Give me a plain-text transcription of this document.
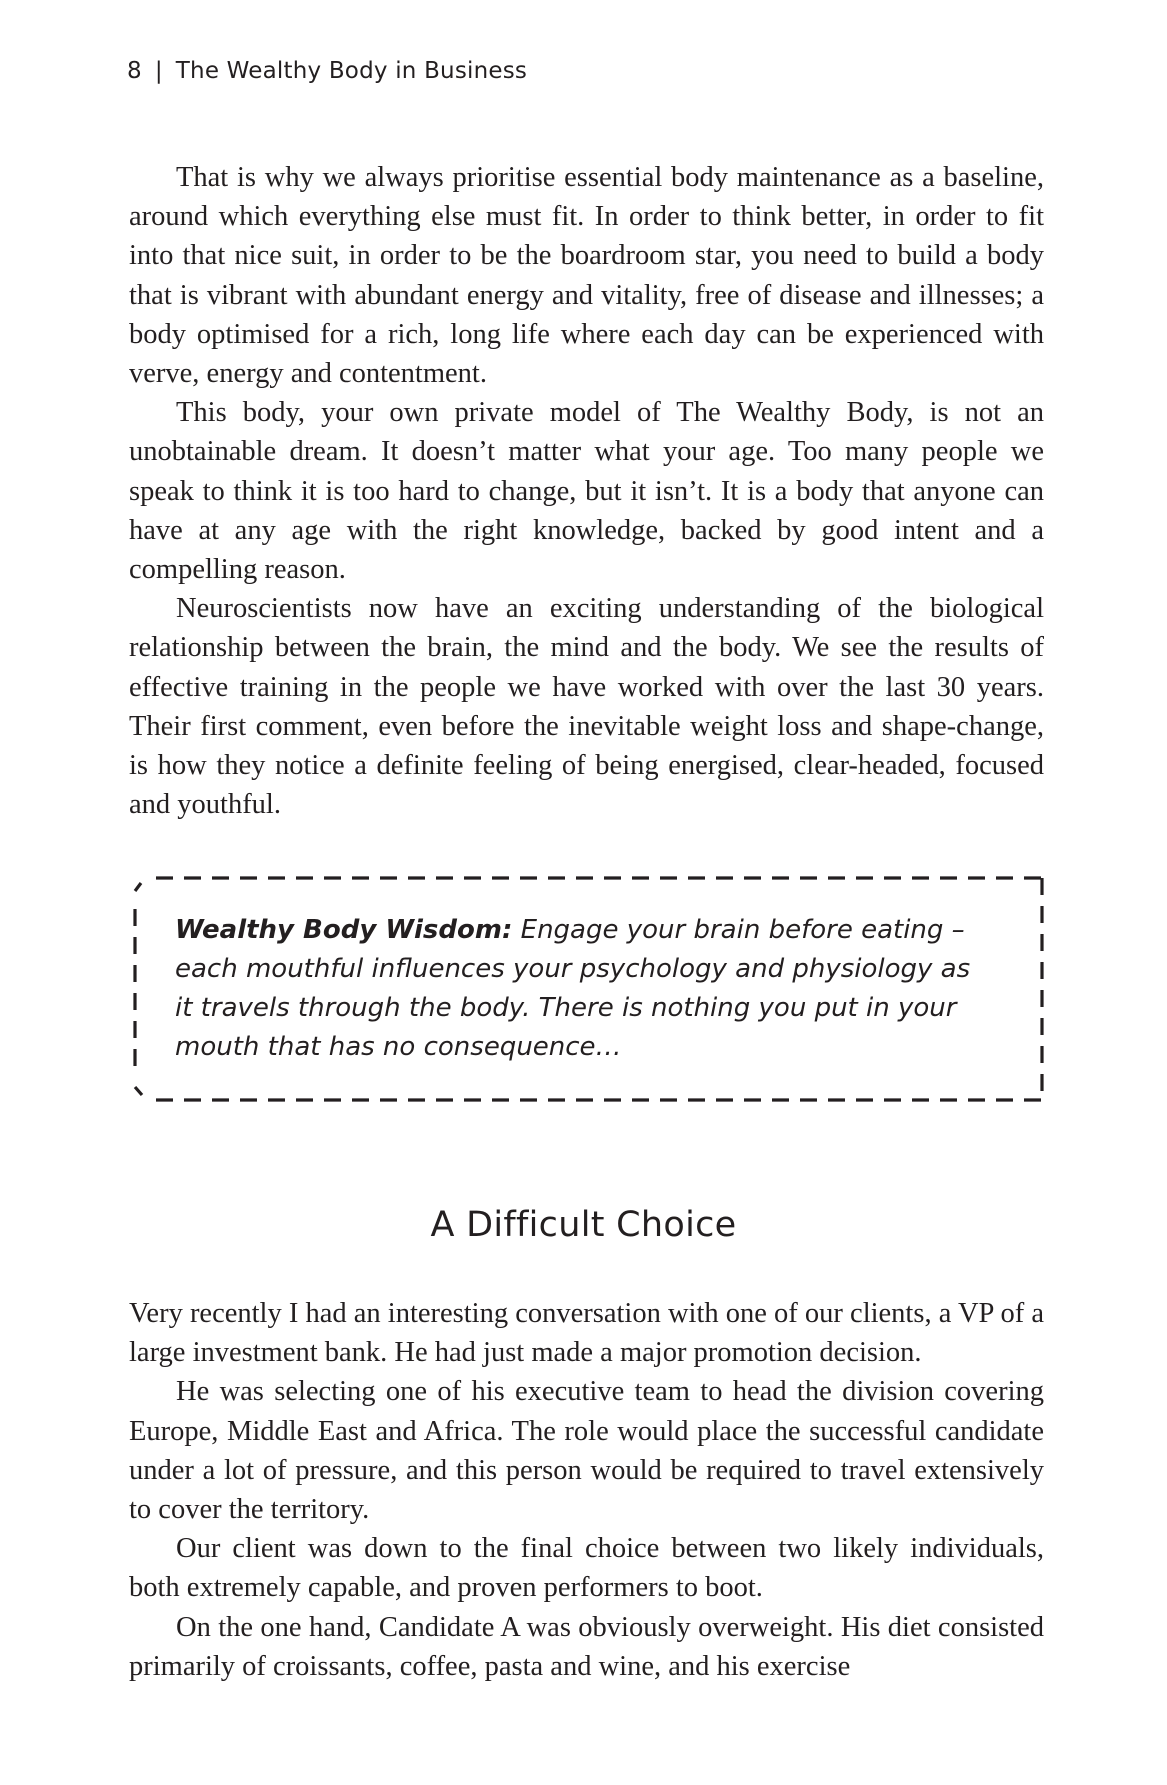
8 | The Wealthy Body in Business

That is why we always prioritise essential body maintenance as a baseline, around which everything else must fit. In order to think better, in order to fit into that nice suit, in order to be the boardroom star, you need to build a body that is vibrant with abundant energy and vitality, free of disease and illnesses; a body optimised for a rich, long life where each day can be experienced with verve, energy and contentment.

This body, your own private model of The Wealthy Body, is not an unobtainable dream. It doesn’t matter what your age. Too many people we speak to think it is too hard to change, but it isn’t. It is a body that anyone can have at any age with the right knowledge, backed by good intent and a compelling reason.

Neuroscientists now have an exciting understanding of the biological relationship between the brain, the mind and the body. We see the results of effective training in the people we have worked with over the last 30 years. Their first comment, even before the inevitable weight loss and shape-change, is how they notice a definite feeling of being energised, clear-headed, focused and youthful.

Wealthy Body Wisdom: Engage your brain before eating – each mouthful influences your psychology and physiology as it travels through the body. There is nothing you put in your mouth that has no consequence…
A Difficult Choice

Very recently I had an interesting conversation with one of our clients, a VP of a large investment bank. He had just made a major promotion decision.

He was selecting one of his executive team to head the division covering Europe, Middle East and Africa. The role would place the successful candidate under a lot of pressure, and this person would be required to travel extensively to cover the territory.

Our client was down to the final choice between two likely individuals, both extremely capable, and proven performers to boot.

On the one hand, Candidate A was obviously overweight. His diet consisted primarily of croissants, coffee, pasta and wine, and his exercise
